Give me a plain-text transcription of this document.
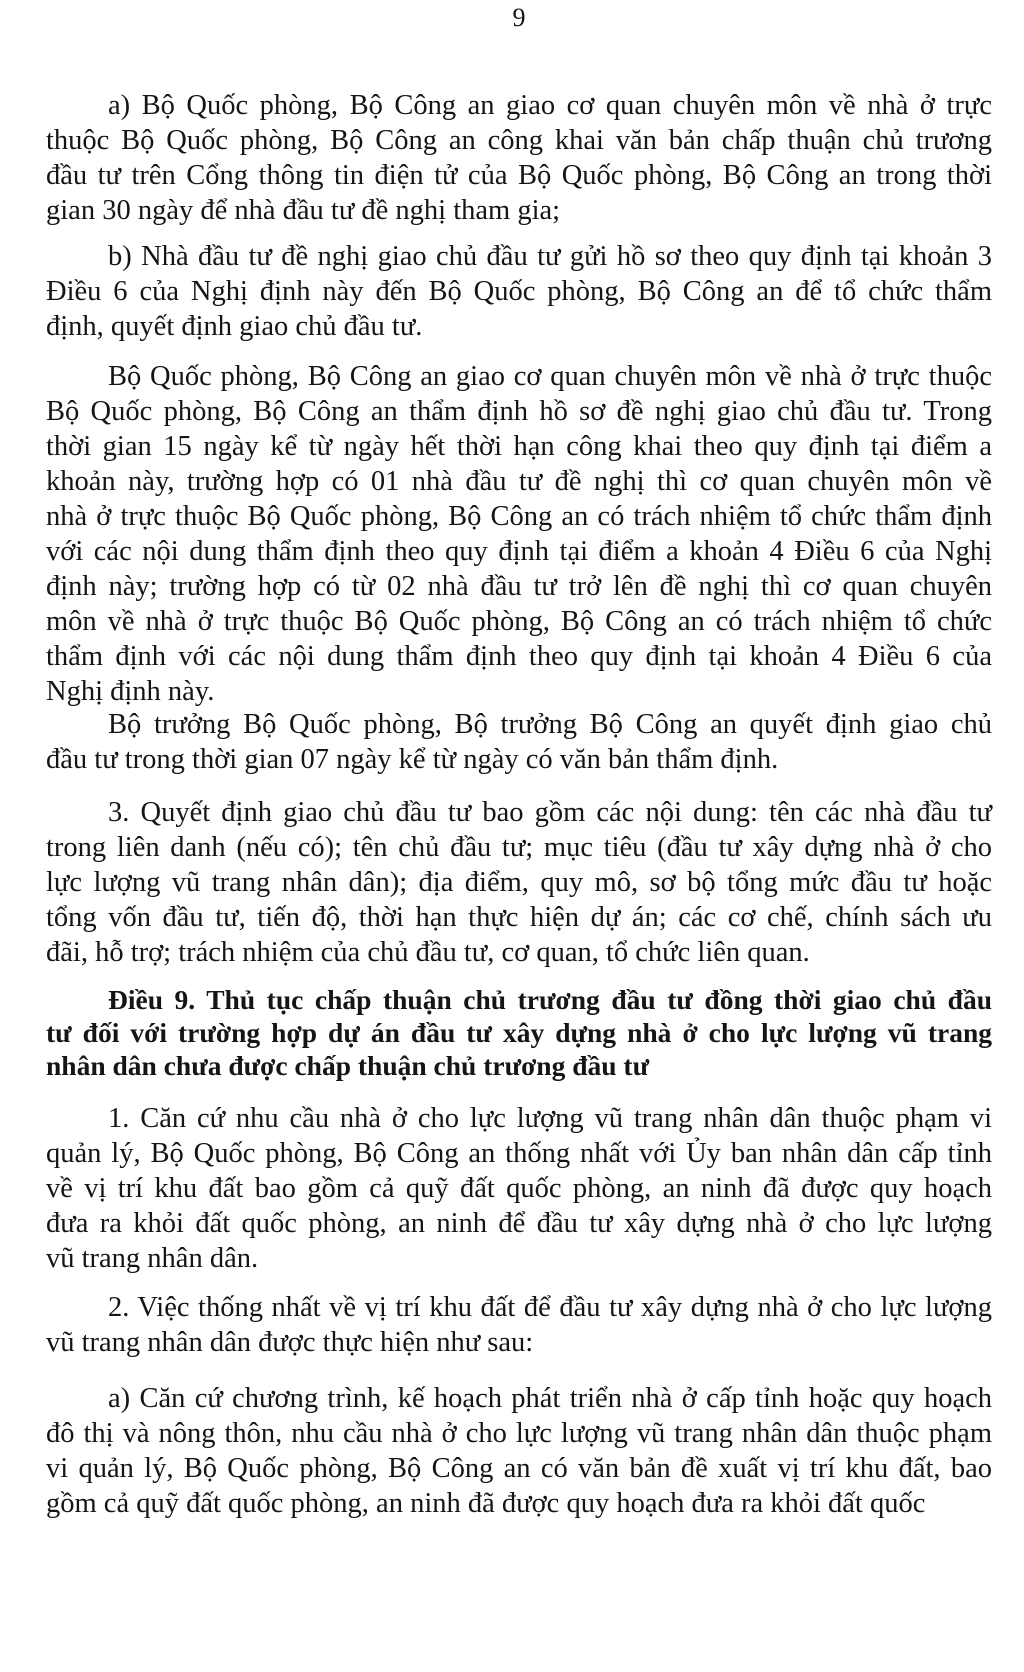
9
a) Bộ Quốc phòng, Bộ Công an giao cơ quan chuyên môn về nhà ở trực
thuộc Bộ Quốc phòng, Bộ Công an công khai văn bản chấp thuận chủ trương
đầu tư trên Cổng thông tin điện tử của Bộ Quốc phòng, Bộ Công an trong thời
gian 30 ngày để nhà đầu tư đề nghị tham gia;
b) Nhà đầu tư đề nghị giao chủ đầu tư gửi hồ sơ theo quy định tại khoản 3
Điều 6 của Nghị định này đến Bộ Quốc phòng, Bộ Công an để tổ chức thẩm
định, quyết định giao chủ đầu tư.
Bộ Quốc phòng, Bộ Công an giao cơ quan chuyên môn về nhà ở trực thuộc
Bộ Quốc phòng, Bộ Công an thẩm định hồ sơ đề nghị giao chủ đầu tư. Trong
thời gian 15 ngày kể từ ngày hết thời hạn công khai theo quy định tại điểm a
khoản này, trường hợp có 01 nhà đầu tư đề nghị thì cơ quan chuyên môn về
nhà ở trực thuộc Bộ Quốc phòng, Bộ Công an có trách nhiệm tổ chức thẩm định
với các nội dung thẩm định theo quy định tại điểm a khoản 4 Điều 6 của Nghị
định này; trường hợp có từ 02 nhà đầu tư trở lên đề nghị thì cơ quan chuyên
môn về nhà ở trực thuộc Bộ Quốc phòng, Bộ Công an có trách nhiệm tổ chức
thẩm định với các nội dung thẩm định theo quy định tại khoản 4 Điều 6 của
Nghị định này.
Bộ trưởng Bộ Quốc phòng, Bộ trưởng Bộ Công an quyết định giao chủ
đầu tư trong thời gian 07 ngày kể từ ngày có văn bản thẩm định.
3. Quyết định giao chủ đầu tư bao gồm các nội dung: tên các nhà đầu tư
trong liên danh (nếu có); tên chủ đầu tư; mục tiêu (đầu tư xây dựng nhà ở cho
lực lượng vũ trang nhân dân); địa điểm, quy mô, sơ bộ tổng mức đầu tư hoặc
tổng vốn đầu tư, tiến độ, thời hạn thực hiện dự án; các cơ chế, chính sách ưu
đãi, hỗ trợ; trách nhiệm của chủ đầu tư, cơ quan, tổ chức liên quan.
Điều 9. Thủ tục chấp thuận chủ trương đầu tư đồng thời giao chủ đầu
tư đối với trường hợp dự án đầu tư xây dựng nhà ở cho lực lượng vũ trang
nhân dân chưa được chấp thuận chủ trương đầu tư
1. Căn cứ nhu cầu nhà ở cho lực lượng vũ trang nhân dân thuộc phạm vi
quản lý, Bộ Quốc phòng, Bộ Công an thống nhất với Ủy ban nhân dân cấp tỉnh
về vị trí khu đất bao gồm cả quỹ đất quốc phòng, an ninh đã được quy hoạch
đưa ra khỏi đất quốc phòng, an ninh để đầu tư xây dựng nhà ở cho lực lượng
vũ trang nhân dân.
2. Việc thống nhất về vị trí khu đất để đầu tư xây dựng nhà ở cho lực lượng
vũ trang nhân dân được thực hiện như sau:
a) Căn cứ chương trình, kế hoạch phát triển nhà ở cấp tỉnh hoặc quy hoạch
đô thị và nông thôn, nhu cầu nhà ở cho lực lượng vũ trang nhân dân thuộc phạm
vi quản lý, Bộ Quốc phòng, Bộ Công an có văn bản đề xuất vị trí khu đất, bao
gồm cả quỹ đất quốc phòng, an ninh đã được quy hoạch đưa ra khỏi đất quốc
